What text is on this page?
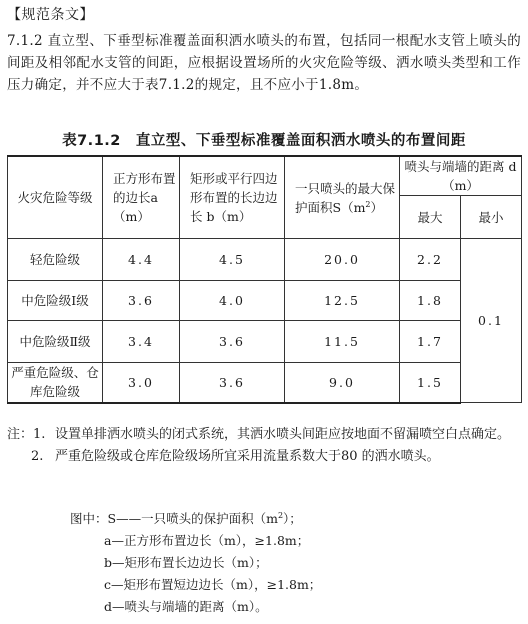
【规范条文】
7.1.2 直立型、下垂型标准覆盖面积洒水喷头的布置，包括同一根配水支管上喷头的间距及相邻配水支管的间距，应根据设置场所的火灾危险等级、洒水喷头类型和工作压力确定，并不应大于表7.1.2的规定，且不应小于1.8m。
表7.1.2　直立型、下垂型标准覆盖面积洒水喷头的布置间距
火灾危险等级	正方形布置的边长a（m）	矩形或平行四边形布置的长边边长 b（m）	一只喷头的最大保护面积$S(m^2)$	喷头与端墙的距离 d（m）	
				最大	最小
轻危险级	4.4	4.5	20.0	2.2	0.1
中危险级Ⅰ级	3.6	4.0	12.5	1.8	
中危险级Ⅱ级	3.4	3.6	11.5	1.7	
严重危险级、仓库危险级	3.0	3.6	9.0	1.5	
注：1. 设置单排洒水喷头的闭式系统，其洒水喷头间距应按地面不留漏喷空白点确定。
2. 严重危险级或仓库危险级场所宜采用流量系数大于80 的洒水喷头。
图中：S——一只喷头的保护面积$(m^2)$；
a—正方形布置边长（m），≥1.8m；
b—矩形布置长边边长（m）；
c—矩形布置短边边长（m），≥1.8m；
d—喷头与端墙的距离（m）。
